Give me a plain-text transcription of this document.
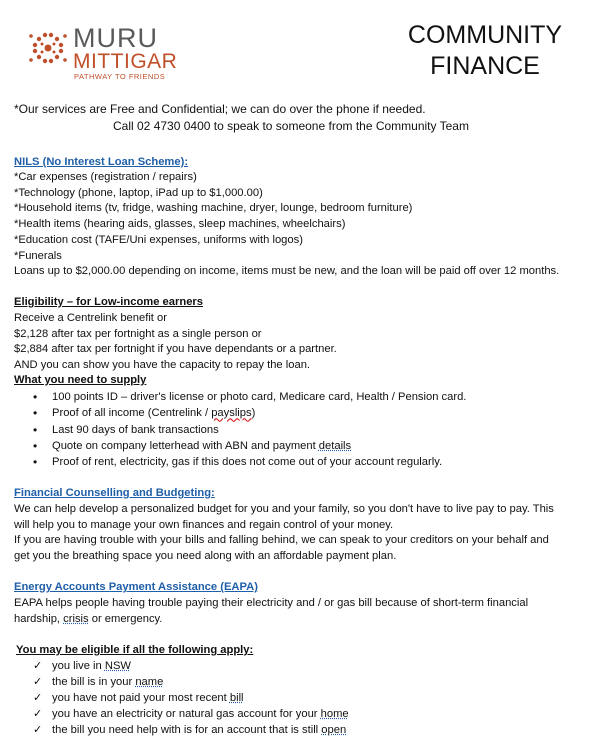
MURU
MITTIGAR
PATHWAY TO FRIENDS
COMMUNITY
FINANCE
*Our services are Free and Confidential; we can do over the phone if needed.
Call 02 4730 0400 to speak to someone from the Community Team
NILS (No Interest Loan Scheme):
*Car expenses (registration / repairs)
*Technology (phone, laptop, iPad up to $1,000.00)
*Household items (tv, fridge, washing machine, dryer, lounge, bedroom furniture)
*Health items (hearing aids, glasses, sleep machines, wheelchairs)
*Education cost (TAFE/Uni expenses, uniforms with logos)
*Funerals
Loans up to $2,000.00 depending on income, items must be new, and the loan will be paid off over 12 months.
Eligibility – for Low-income earners
Receive a Centrelink benefit or
$2,128 after tax per fortnight as a single person or
$2,884 after tax per fortnight if you have dependants or a partner.
AND you can show you have the capacity to repay the loan.
What you need to supply
• 100 points ID – driver's license or photo card, Medicare card, Health / Pension card.
• Proof of all income (Centrelink / payslips)
• Last 90 days of bank transactions
• Quote on company letterhead with ABN and payment details
• Proof of rent, electricity, gas if this does not come out of your account regularly.
Financial Counselling and Budgeting:
We can help develop a personalized budget for you and your family, so you don't have to live pay to pay. This
will help you to manage your own finances and regain control of your money.
If you are having trouble with your bills and falling behind, we can speak to your creditors on your behalf and
get you the breathing space you need along with an affordable payment plan.
Energy Accounts Payment Assistance (EAPA)
EAPA helps people having trouble paying their electricity and / or gas bill because of short-term financial
hardship, crisis or emergency.
You may be eligible if all the following apply:
✓ you live in NSW
✓ the bill is in your name
✓ you have not paid your most recent bill
✓ you have an electricity or natural gas account for your home
✓ the bill you need help with is for an account that is still open
